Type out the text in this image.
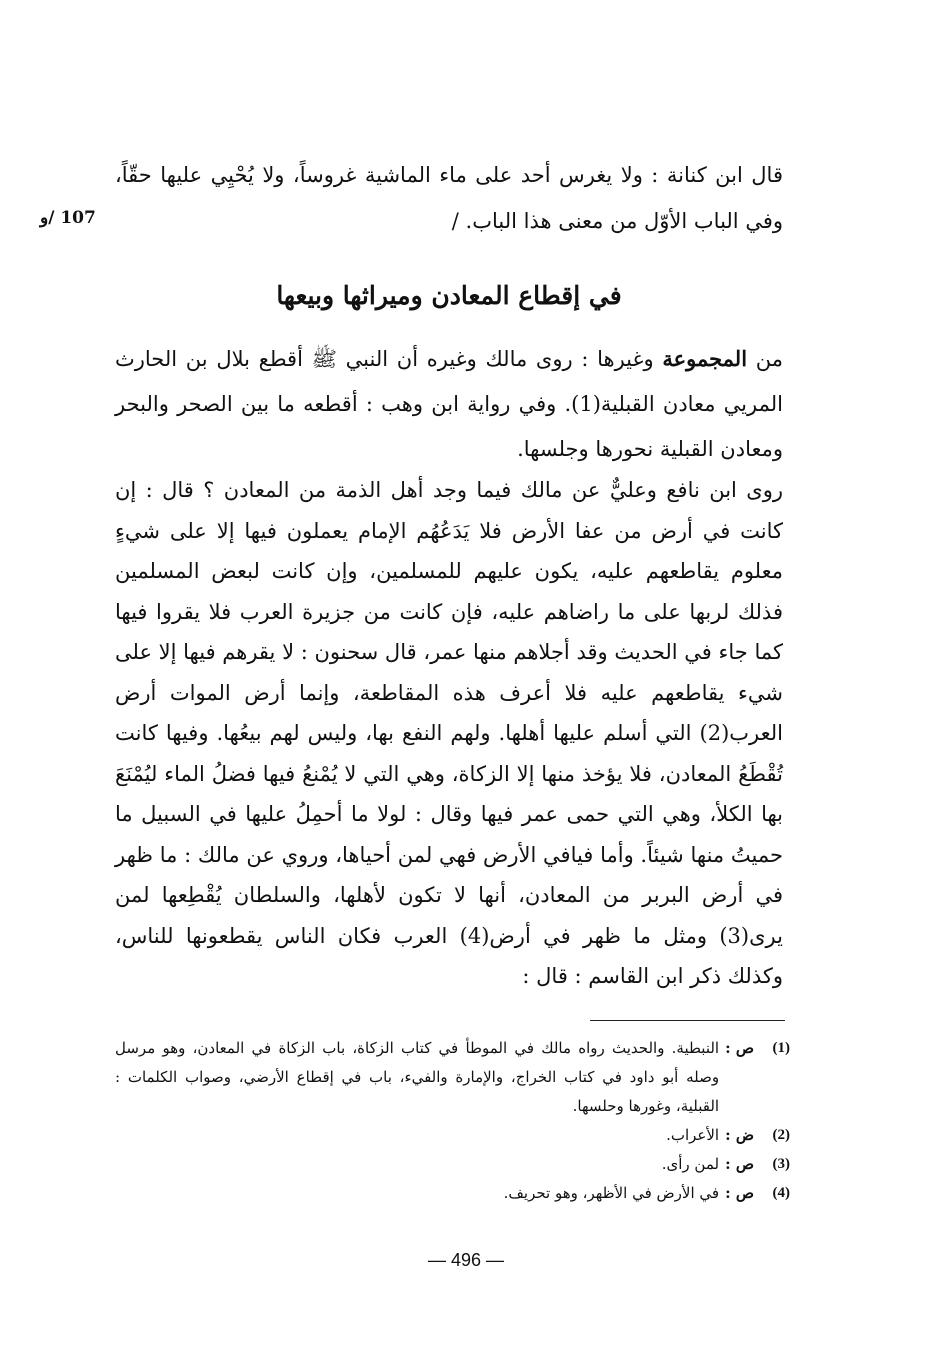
107 /و
قال ابن كنانة : ولا يغرس أحد على ماء الماشية غروساً، ولا يُحْيِي عليها حقّاً، وفي الباب الأوّل من معنى هذا الباب. /
في إقطاع المعادن وميراثها وبيعها
من المجموعة وغيرها : روى مالك وغيره أن النبي ﷺ أقطع بلال بن الحارث المريي معادن القبلية(1). وفي رواية ابن وهب : أقطعه ما بين الصحر والبحر ومعادن القبلية نحورها وجلسها.
روى ابن نافع وعليٌّ عن مالك فيما وجد أهل الذمة من المعادن ؟ قال : إن كانت في أرض من عفا الأرض فلا يَدَعُهُم الإمام يعملون فيها إلا على شيءٍ معلوم يقاطعهم عليه، يكون عليهم للمسلمين، وإن كانت لبعض المسلمين فذلك لربها على ما راضاهم عليه، فإن كانت من جزيرة العرب فلا يقروا فيها كما جاء في الحديث وقد أجلاهم منها عمر، قال سحنون : لا يقرهم فيها إلا على شيء يقاطعهم عليه فلا أعرف هذه المقاطعة، وإنما أرض الموات أرض العرب(2) التي أسلم عليها أهلها. ولهم النفع بها، وليس لهم بيعُها. وفيها كانت تُقْطَعُ المعادن، فلا يؤخذ منها إلا الزكاة، وهي التي لا يُمْنعُ فيها فضلُ الماء ليُمْنَعَ بها الكلأ، وهي التي حمى عمر فيها وقال : لولا ما أحمِلُ عليها في السبيل ما حميتُ منها شيئاً. وأما فيافي الأرض فهي لمن أحياها، وروي عن مالك : ما ظهر في أرض البربر من المعادن، أنها لا تكون لأهلها، والسلطان يُقْطِعها لمن يرى(3) ومثل ما ظهر في أرض(4) العرب فكان الناس يقطعونها للناس، وكذلك ذكر ابن القاسم : قال :
(1)
ص :
النبطية. والحديث رواه مالك في الموطأ في كتاب الزكاة، باب الزكاة في المعادن، وهو مرسل وصله أبو داود في كتاب الخراج، والإمارة والفيء، باب في إقطاع الأرضي، وصواب الكلمات : القبلية، وغورها وحلسها.
(2)
ض :
الأعراب.
(3)
ص :
لمن رأى.
(4)
ص :
في الأرض في الأظهر، وهو تحريف.
— 496 —
